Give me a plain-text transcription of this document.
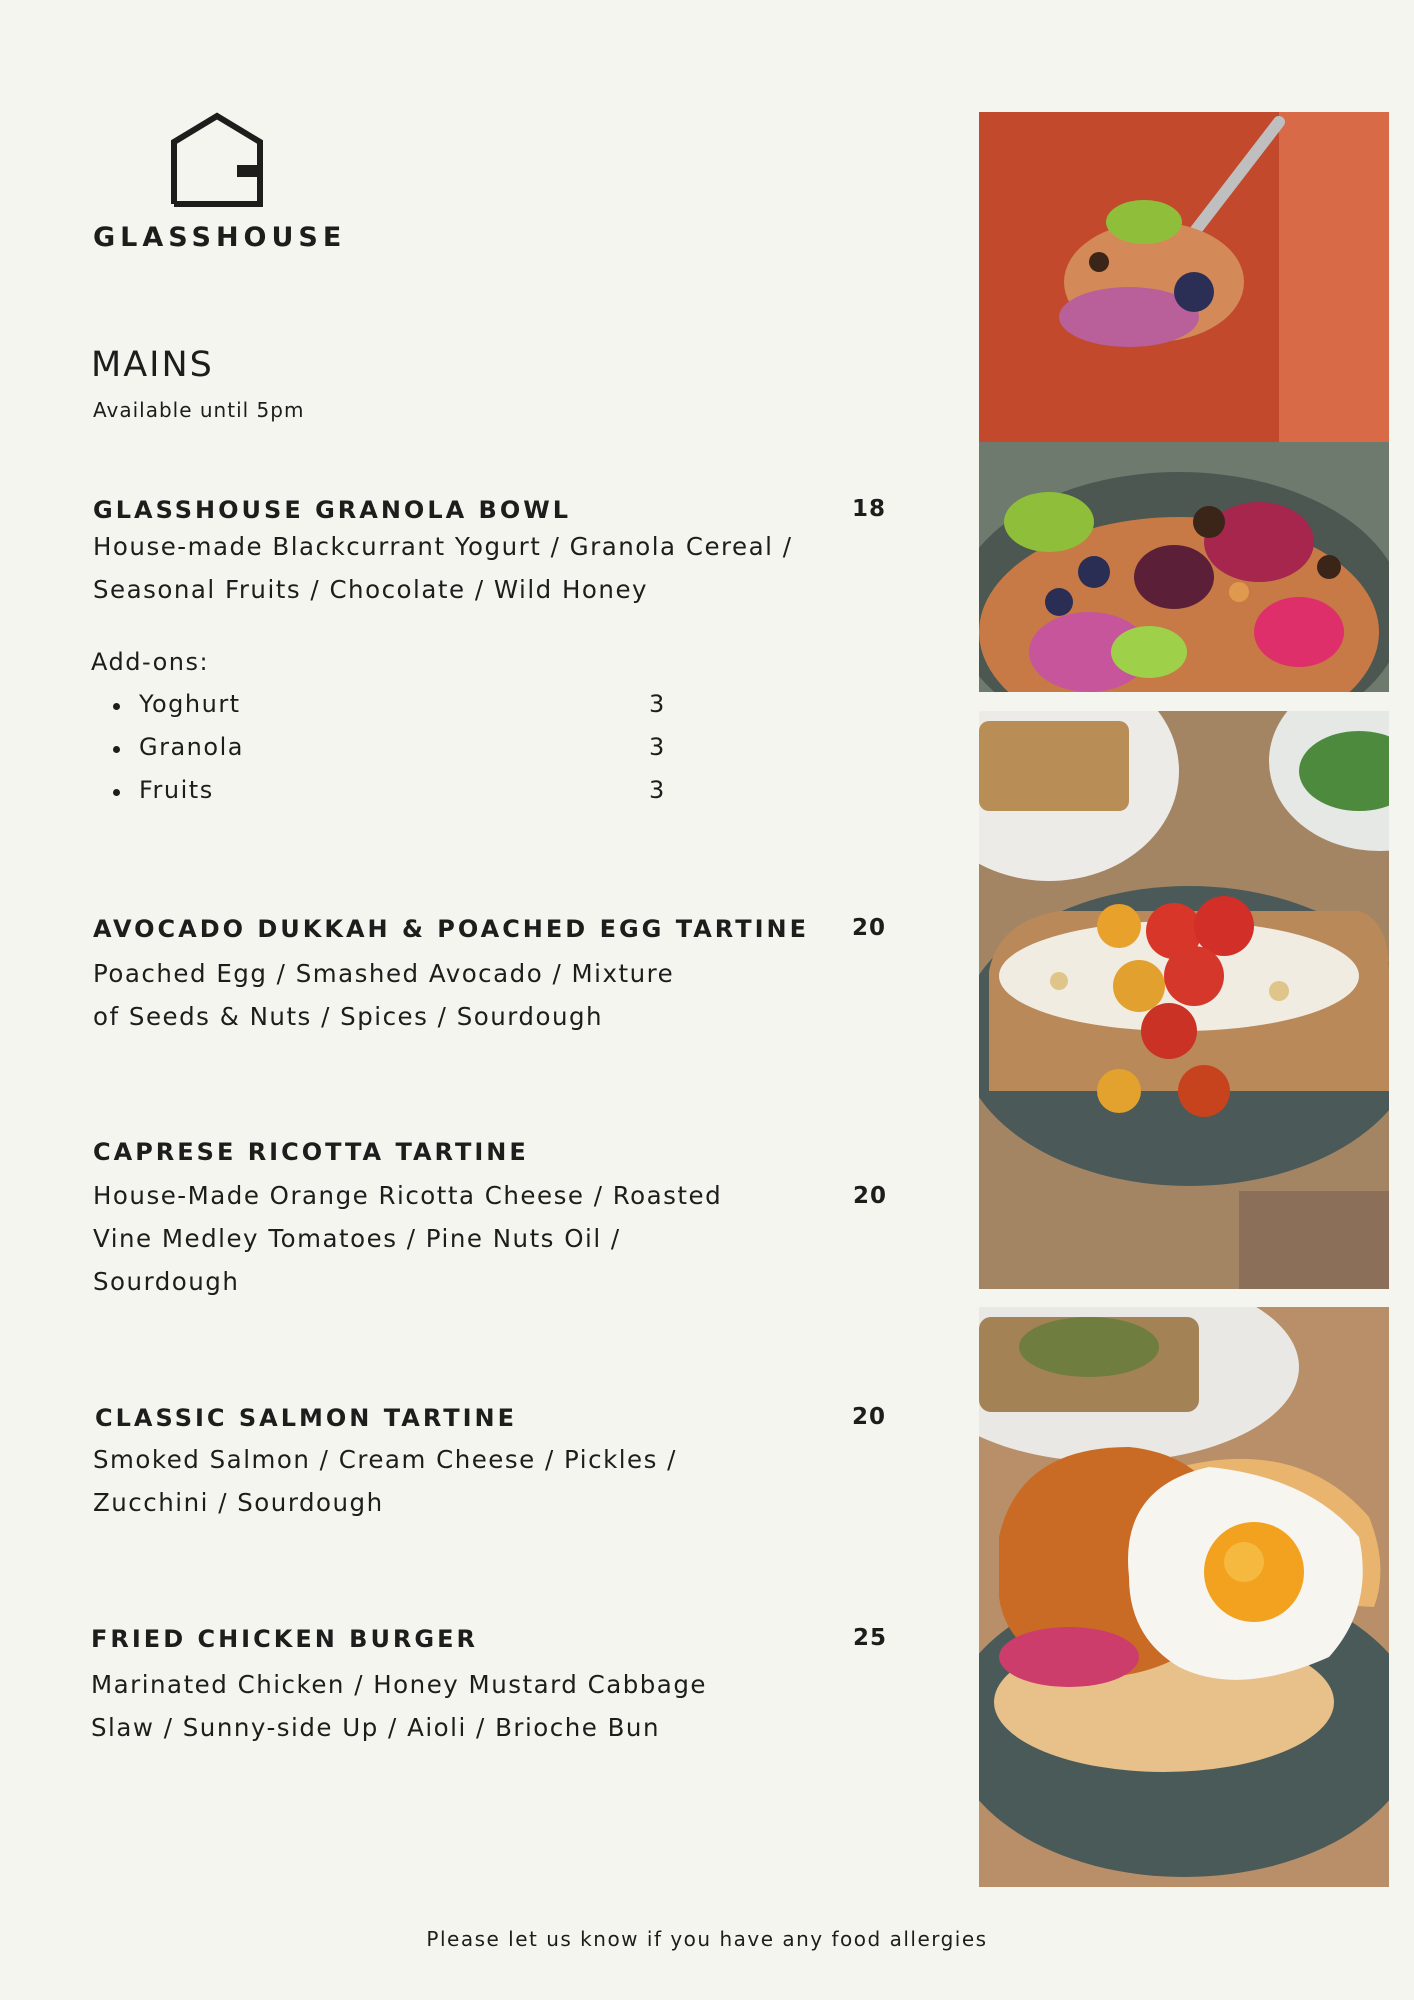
GLASSHOUSE
MAINS
Available until 5pm
GLASSHOUSE GRANOLA BOWL	18
House-made Blackcurrant Yogurt / Granola Cereal /
Seasonal Fruits / Chocolate / Wild Honey
Add-ons:
Yoghurt	3
Granola	3
Fruits	3
AVOCADO DUKKAH & POACHED EGG TARTINE 20
Poached Egg / Smashed Avocado / Mixture
of Seeds & Nuts / Spices / Sourdough
CAPRESE RICOTTA TARTINE
20
House-Made Orange Ricotta Cheese / Roasted
Vine Medley Tomatoes / Pine Nuts Oil /
Sourdough
CLASSIC SALMON TARTINE	20
Smoked Salmon / Cream Cheese / Pickles /
Zucchini / Sourdough
FRIED CHICKEN BURGER	25
Marinated Chicken / Honey Mustard Cabbage
Slaw / Sunny-side Up / Aioli / Brioche Bun
Please let us know if you have any food allergies
